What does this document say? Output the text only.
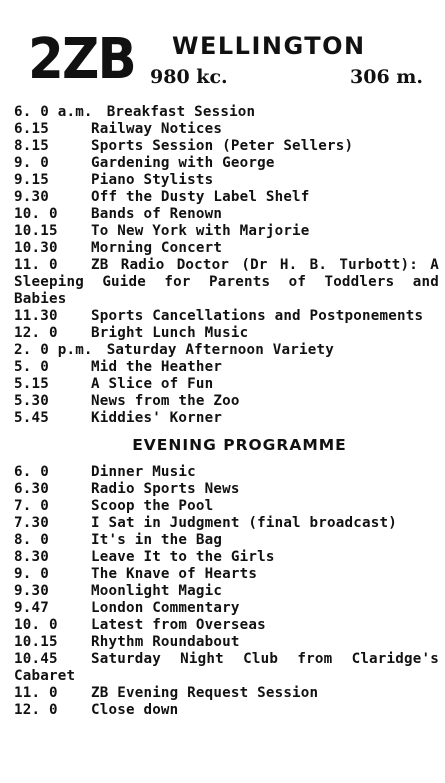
2ZB WELLINGTON
980 kc.	306 m.
6. 0 a.m. Breakfast Session
6.15	Railway Notices
8.15	Sports Session (Peter Sellers)
9. 0	Gardening with George
9.15	Piano Stylists
9.30	Off the Dusty Label Shelf
10. 0	Bands of Renown
10.15	To New York with Marjorie
10.30	Morning Concert
11. 0 ZB Radio Doctor (Dr H. B. Turbott): A Sleeping Guide for Parents of Toddlers and Babies
11.30 Sports Cancellations and Postponements
12. 0	Bright Lunch Music
2. 0 p.m. Saturday Afternoon Variety
5. 0	Mid the Heather
5.15	A Slice of Fun
5.30	News from the Zoo
5.45	Kiddies' Korner
EVENING PROGRAMME
6. 0	Dinner Music
6.30	Radio Sports News
7. 0	Scoop the Pool
7.30	I Sat in Judgment (final broadcast)
8. 0	It's in the Bag
8.30	Leave It to the Girls
9. 0	The Knave of Hearts
9.30	Moonlight Magic
9.47	London Commentary
10. 0	Latest from Overseas
10.15	Rhythm Roundabout
10.45 Saturday Night Club from Claridge's Cabaret
11. 0	ZB Evening Request Session
12. 0	Close down
